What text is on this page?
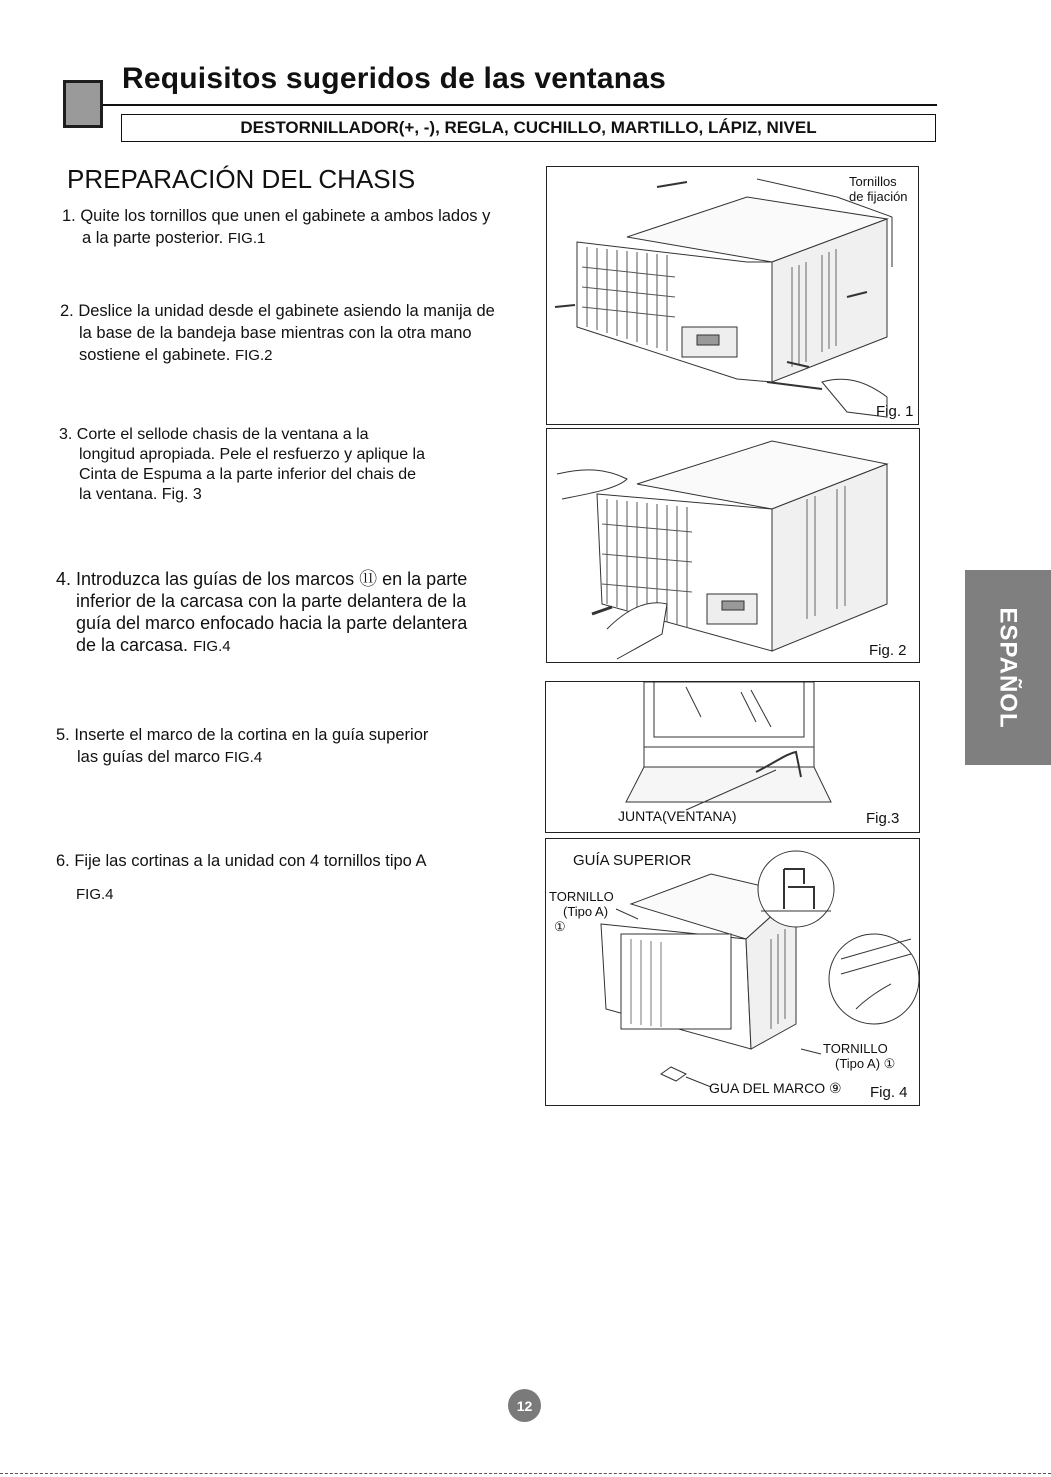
Requisitos sugeridos de las ventanas
DESTORNILLADOR(+, -), REGLA, CUCHILLO, MARTILLO, LÁPIZ, NIVEL
PREPARACIÓN DEL CHASIS
1. Quite los tornillos que unen el gabinete a ambos lados y
a la parte posterior. FIG.1
2. Deslice la unidad desde el gabinete asiendo la manija de
la base de la bandeja base mientras con la otra mano
sostiene el gabinete. FIG.2
3. Corte el sellode chasis de la ventana a la
longitud apropiada. Pele el resfuerzo y aplique la
Cinta de Espuma a la parte inferior del chais de
la ventana. Fig. 3
4. Introduzca las guías de los marcos ⑪ en la parte
inferior de la carcasa con la parte delantera de la
guía del marco enfocado hacia la parte delantera
de la carcasa. FIG.4
5. Inserte el marco de la cortina en la guía superior
las guías del marco FIG.4
6. Fije las cortinas a la unidad con 4 tornillos tipo A
FIG.4
Tornillos
de fijación
Fig. 1
Fig. 2
JUNTA(VENTANA)	Fig.3
GUÍA SUPERIOR
TORNILLO
(Tipo A)
①
TORNILLO
(Tipo A) ①
GUA DEL MARCO ⑨ Fig. 4
ESPAÑOL
12
